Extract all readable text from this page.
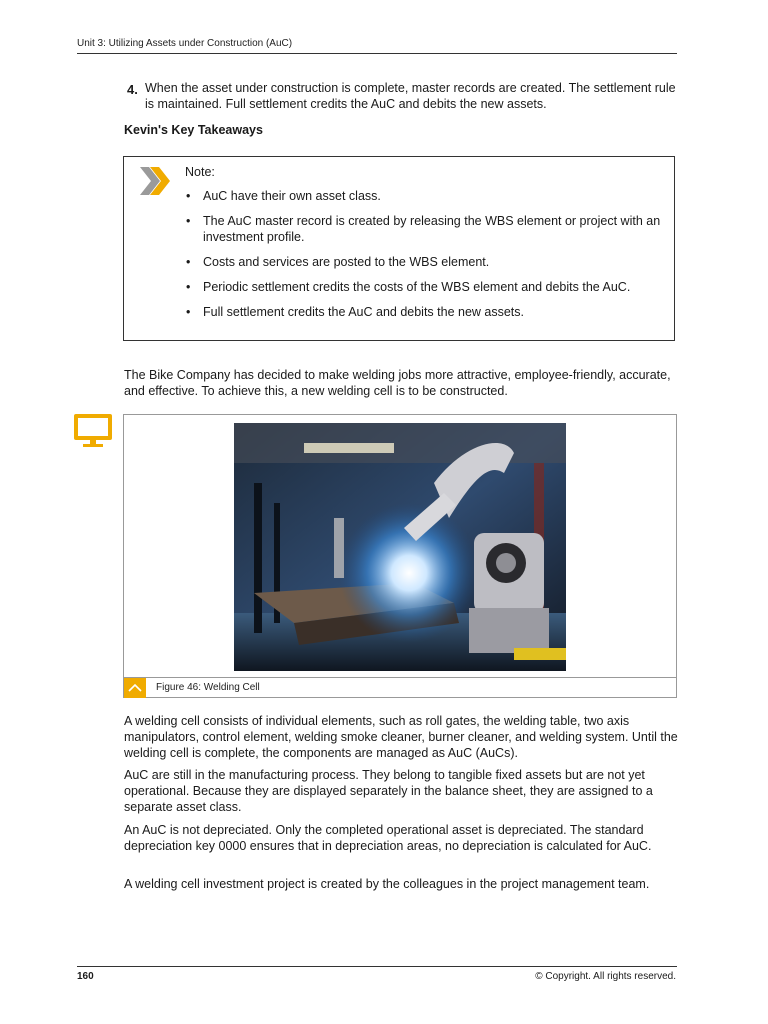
Unit 3: Utilizing Assets under Construction (AuC)
4. When the asset under construction is complete, master records are created. The settlement rule is maintained. Full settlement credits the AuC and debits the new assets.
Kevin's Key Takeaways
Note:
• AuC have their own asset class.
• The AuC master record is created by releasing the WBS element or project with an investment profile.
• Costs and services are posted to the WBS element.
• Periodic settlement credits the costs of the WBS element and debits the AuC.
• Full settlement credits the AuC and debits the new assets.

The Bike Company has decided to make welding jobs more attractive, employee-friendly, accurate, and effective. To achieve this, a new welding cell is to be constructed.

Figure 46: Welding Cell

A welding cell consists of individual elements, such as roll gates, the welding table, two axis manipulators, control element, welding smoke cleaner, burner cleaner, and welding system. Until the welding cell is complete, the components are managed as AuC (AuCs).

AuC are still in the manufacturing process. They belong to tangible fixed assets but are not yet operational. Because they are displayed separately in the balance sheet, they are assigned to a separate asset class.

An AuC is not depreciated. Only the completed operational asset is depreciated. The standard depreciation key 0000 ensures that in depreciation areas, no depreciation is calculated for AuC.

A welding cell investment project is created by the colleagues in the project management team.

160	© Copyright. All rights reserved.
